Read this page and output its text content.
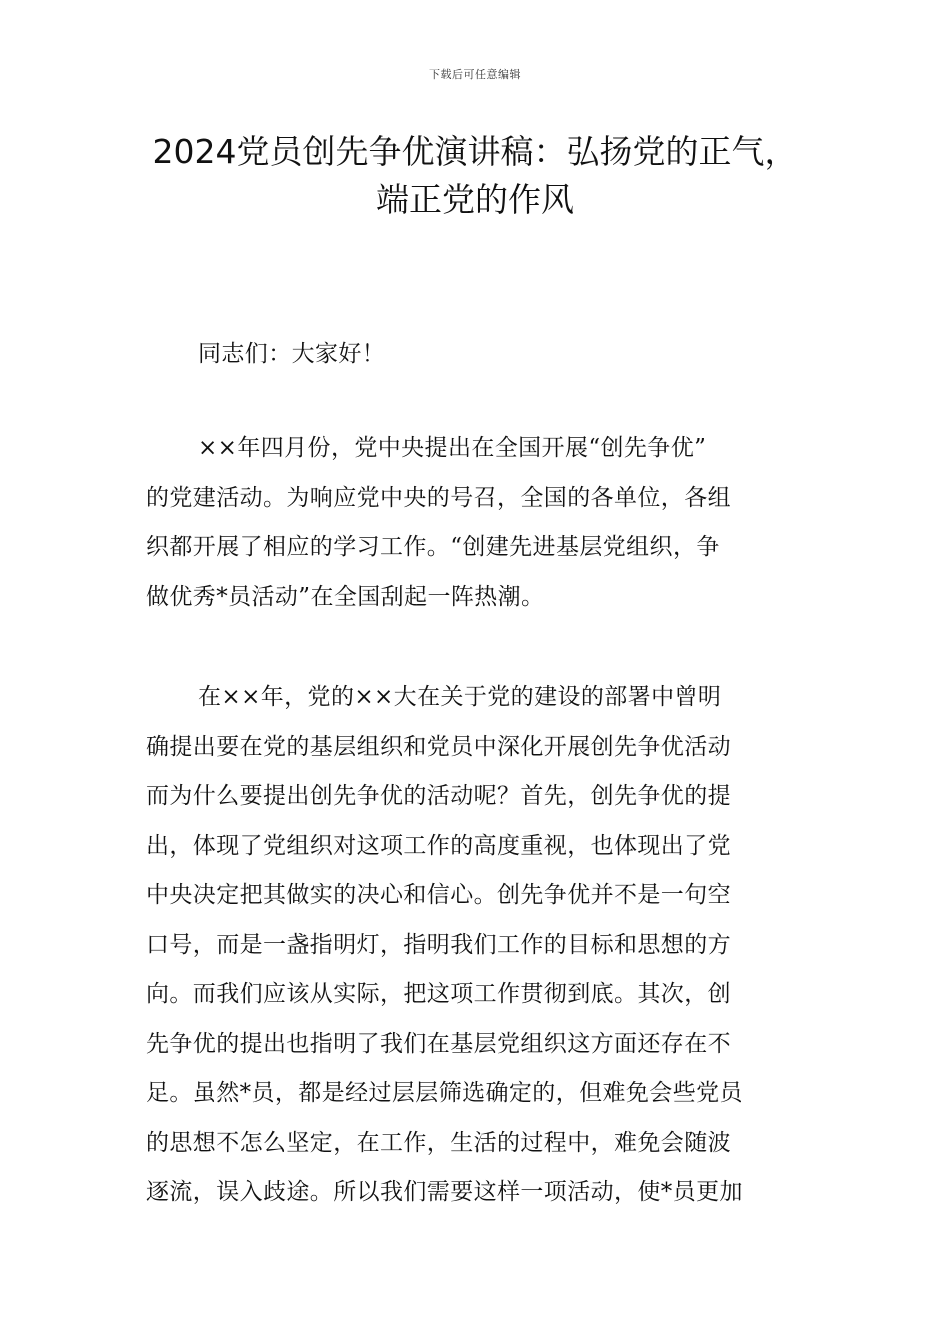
下载后可任意编辑
2024党员创先争优演讲稿：弘扬党的正气，
端正党的作风

同志们：大家好！

××年四月份，党中央提出在全国开展“创先争优”
的党建活动。为响应党中央的号召，全国的各单位，各组
织都开展了相应的学习工作。“创建先进基层党组织，争
做优秀*员活动”在全国刮起一阵热潮。

在××年，党的××大在关于党的建设的部署中曾明
确提出要在党的基层组织和党员中深化开展创先争优活动
而为什么要提出创先争优的活动呢？首先，创先争优的提
出，体现了党组织对这项工作的高度重视，也体现出了党
中央决定把其做实的决心和信心。创先争优并不是一句空
口号，而是一盏指明灯，指明我们工作的目标和思想的方
向。而我们应该从实际，把这项工作贯彻到底。其次，创
先争优的提出也指明了我们在基层党组织这方面还存在不
足。虽然*员，都是经过层层筛选确定的，但难免会些党员
的思想不怎么坚定，在工作，生活的过程中，难免会随波
逐流，误入歧途。所以我们需要这样一项活动，使*员更加
